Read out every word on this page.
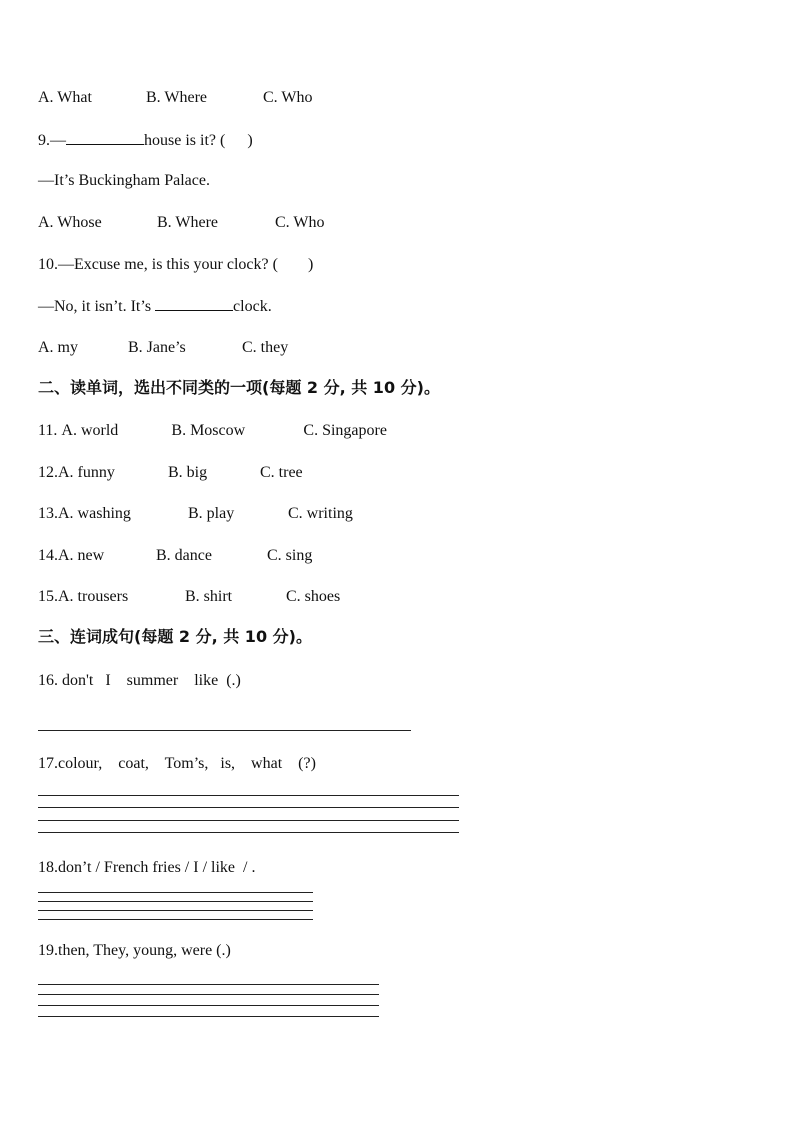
A. What	B. Where	C. Who
9.—	house is it? ( )
—It’s Buckingham Palace.
A. Whose	B. Where	C. Who
10.—Excuse me, is this your clock? ( )
—No, it isn’t. It’s	clock.
A. my	B. Jane’s	C. they
二、读单词，选出不同类的一项(每题 2 分, 共 10 分)。
11. A. world	B. Moscow	C. Singapore
12.A. funny	B. big	C. tree
13.A. washing	B. play	C. writing
14.A. new	B. dance	C. sing
15.A. trousers	B. shirt	C. shoes
三、连词成句(每题 2 分, 共 10 分)。
16. don't   I    summer    like  (.)
17.colour,    coat,    Tom’s,   is,    what    (?)
18.don’t / French fries / I / like  / .
19.then, They, young, were (.)
